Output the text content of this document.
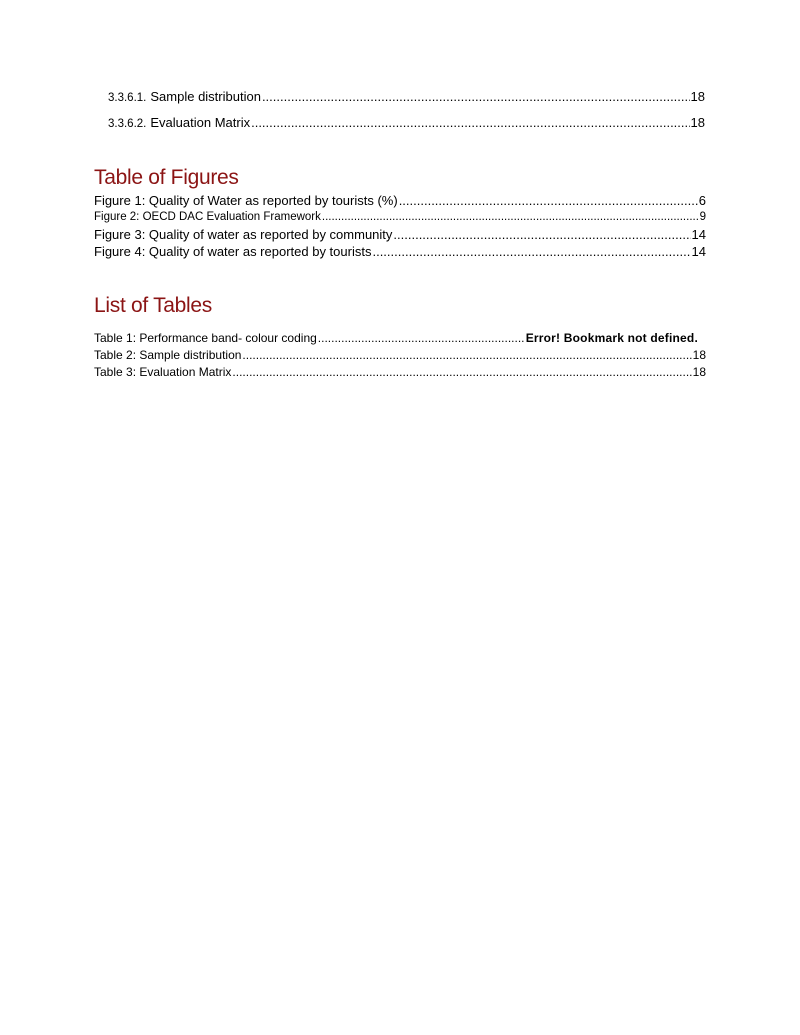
3.3.6.1. Sample distribution .....	18
3.3.6.2. Evaluation Matrix .....	18
Table of Figures
Figure 1: Quality of Water as reported by tourists (%) .....	6
Figure 2: OECD DAC Evaluation Framework .....	9
Figure 3: Quality of water as reported by community .....	14
Figure 4: Quality of water as reported by tourists .....	14
List of Tables
Table 1: Performance band- colour coding .....	Error! Bookmark not defined.
Table 2: Sample distribution .....	18
Table 3: Evaluation Matrix .....	18
